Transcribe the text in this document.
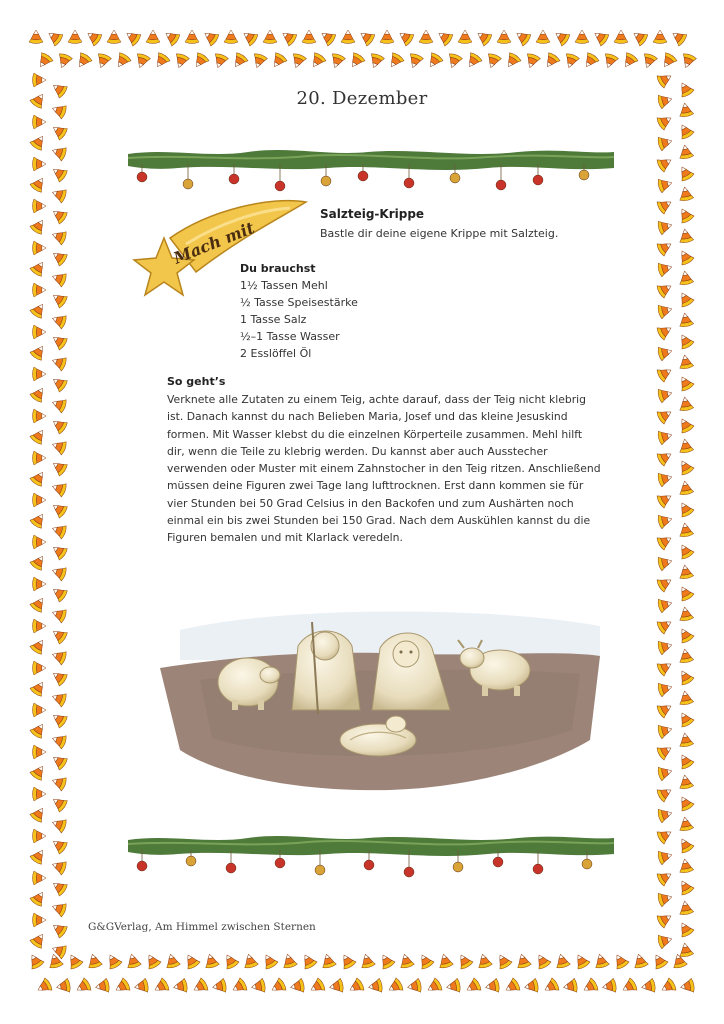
20. Dezember
Mach mit
Salzteig-Krippe
Bastle dir deine eigene Krippe mit Salzteig.
Du brauchst
1½ Tassen Mehl
½ Tasse Speisestärke
1 Tasse Salz
½–1 Tasse Wasser
2 Esslöffel Öl
So geht’s

Verknete alle Zutaten zu einem Teig, achte darauf, dass der Teig nicht klebrig ist. Danach kannst du nach Belieben Maria, Josef und das kleine Jesuskind formen. Mit Wasser klebst du die einzelnen Körperteile zusammen. Mehl hilft dir, wenn die Teile zu klebrig werden. Du kannst aber auch Ausstecher verwenden oder Muster mit einem Zahnstocher in den Teig ritzen. Anschließend müssen deine Figuren zwei Tage lang lufttrocknen. Erst dann kommen sie für vier Stunden bei 50 Grad Celsius in den Backofen und zum Aushärten noch einmal ein bis zwei Stunden bei 150 Grad. Nach dem Auskühlen kannst du die Figuren bemalen und mit Klarlack veredeln.

G&GVerlag, Am Himmel zwischen Sternen
